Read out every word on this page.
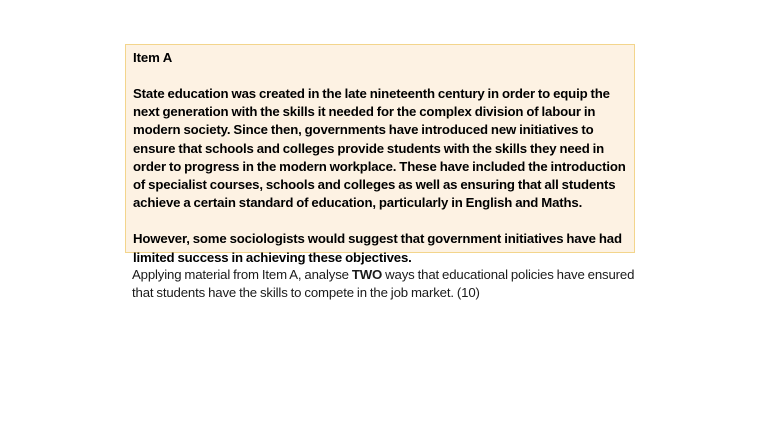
Item A

State education was created in the late nineteenth century in order to equip the next generation with the skills it needed for the complex division of labour in modern society. Since then, governments have introduced new initiatives to ensure that schools and colleges provide students with the skills they need in order to progress in the modern workplace. These have included the introduction of specialist courses, schools and colleges as well as ensuring that all students achieve a certain standard of education, particularly in English and Maths.

However, some sociologists would suggest that government initiatives have had limited success in achieving these objectives.

Applying material from Item A, analyse TWO ways that educational policies have ensured that students have the skills to compete in the job market. (10)
